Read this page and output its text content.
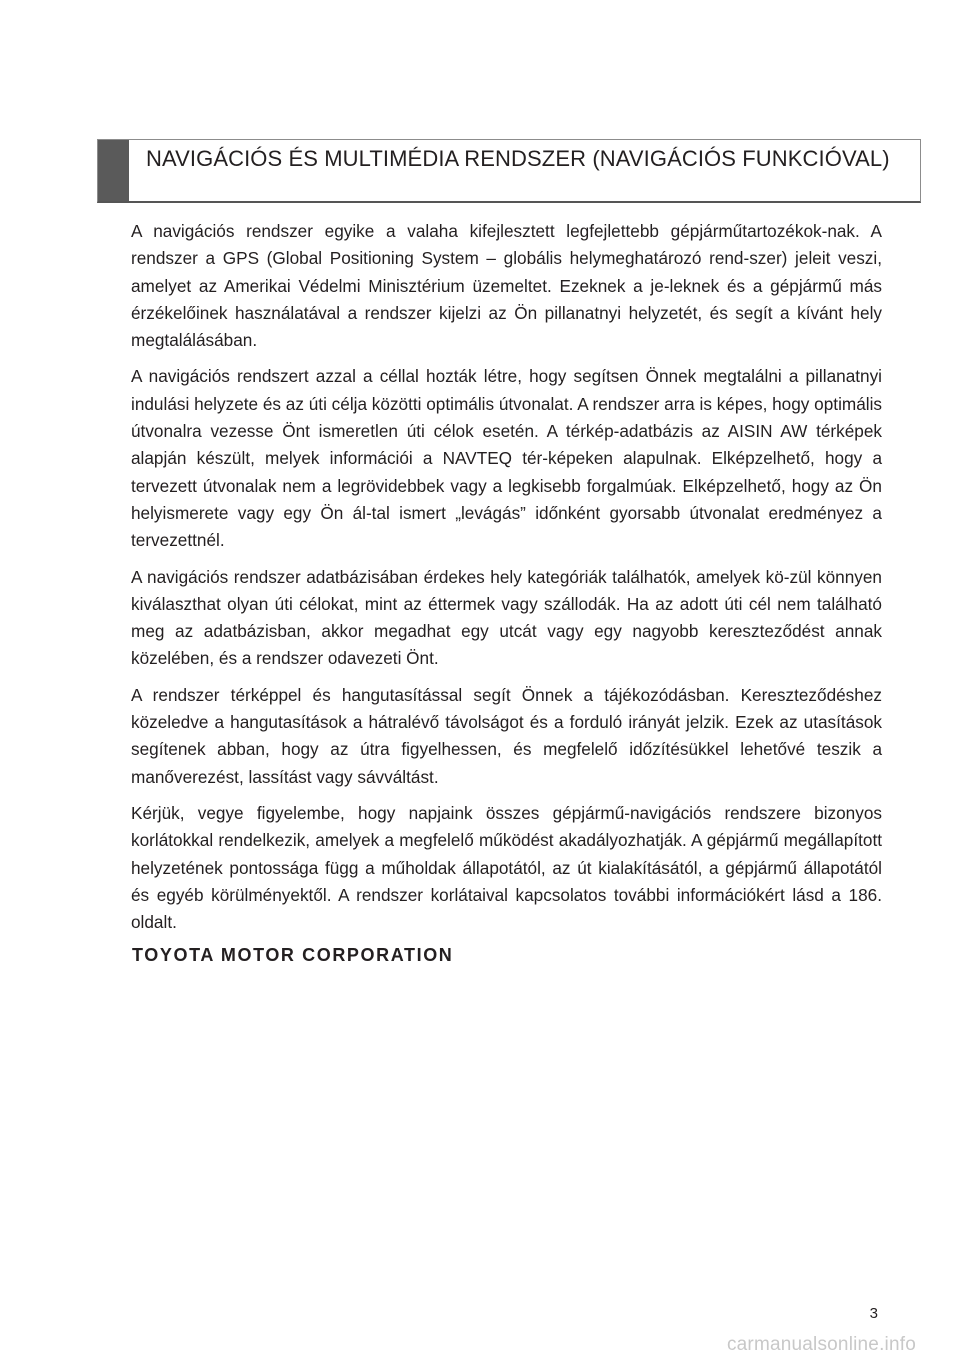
NAVIGÁCIÓS ÉS MULTIMÉDIA RENDSZER (NAVIGÁCIÓS FUNKCIÓVAL)

A navigációs rendszer egyike a valaha kifejlesztett legfejlettebb gépjárműtartozékok-nak. A rendszer a GPS (Global Positioning System – globális helymeghatározó rend-szer) jeleit veszi, amelyet az Amerikai Védelmi Minisztérium üzemeltet. Ezeknek a je-leknek és a gépjármű más érzékelőinek használatával a rendszer kijelzi az Ön pillanatnyi helyzetét, és segít a kívánt hely megtalálásában.

A navigációs rendszert azzal a céllal hozták létre, hogy segítsen Önnek megtalálni a pillanatnyi indulási helyzete és az úti célja közötti optimális útvonalat. A rendszer arra is képes, hogy optimális útvonalra vezesse Önt ismeretlen úti célok esetén. A térkép-adatbázis az AISIN AW térképek alapján készült, melyek információi a NAVTEQ tér-képeken alapulnak. Elképzelhető, hogy a tervezett útvonalak nem a legrövidebbek vagy a legkisebb forgalmúak. Elképzelhető, hogy az Ön helyismerete vagy egy Ön ál-tal ismert „levágás” időnként gyorsabb útvonalat eredményez a tervezettnél.

A navigációs rendszer adatbázisában érdekes hely kategóriák találhatók, amelyek kö-zül könnyen kiválaszthat olyan úti célokat, mint az éttermek vagy szállodák. Ha az adott úti cél nem található meg az adatbázisban, akkor megadhat egy utcát vagy egy nagyobb kereszteződést annak közelében, és a rendszer odavezeti Önt.

A rendszer térképpel és hangutasítással segít Önnek a tájékozódásban. Kereszteződéshez közeledve a hangutasítások a hátralévő távolságot és a forduló irányát jelzik. Ezek az utasítások segítenek abban, hogy az útra figyelhessen, és megfelelő időzítésükkel lehetővé teszik a manőverezést, lassítást vagy sávváltást.

Kérjük, vegye figyelembe, hogy napjaink összes gépjármű-navigációs rendszere bizonyos korlátokkal rendelkezik, amelyek a megfelelő működést akadályozhatják. A gépjármű megállapított helyzetének pontossága függ a műholdak állapotától, az út kialakításától, a gépjármű állapotától és egyéb körülményektől. A rendszer korlátaival kapcsolatos további információkért lásd a 186. oldalt.

TOYOTA MOTOR CORPORATION
3
carmanualsonline.info
